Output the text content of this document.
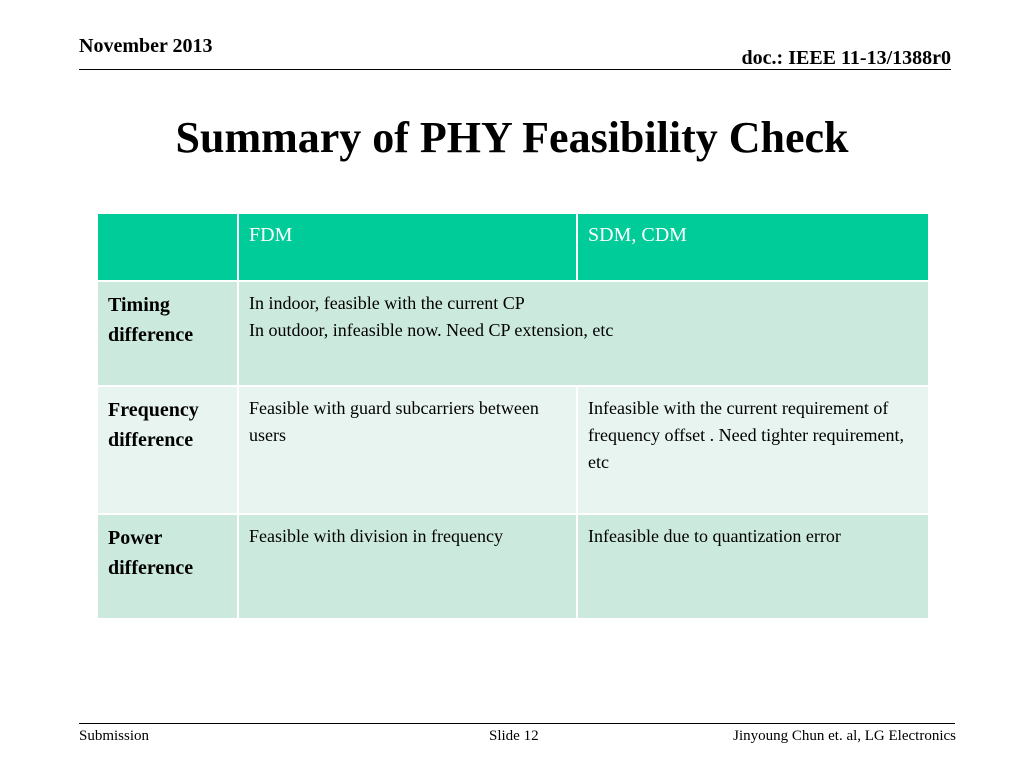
November 2013
doc.: IEEE 11-13/1388r0
Summary of PHY Feasibility Check
	FDM	SDM, CDM
Timing difference	In indoor, feasible with the current CP
In outdoor, infeasible now. Need CP extension, etc	

Frequency difference	Feasible with guard subcarriers between users	Infeasible with the current requirement of frequency offset . Need tighter requirement, etc
Power difference	Feasible with division in frequency	Infeasible due to quantization error
Submission	Slide 12	Jinyoung Chun et. al, LG Electronics
